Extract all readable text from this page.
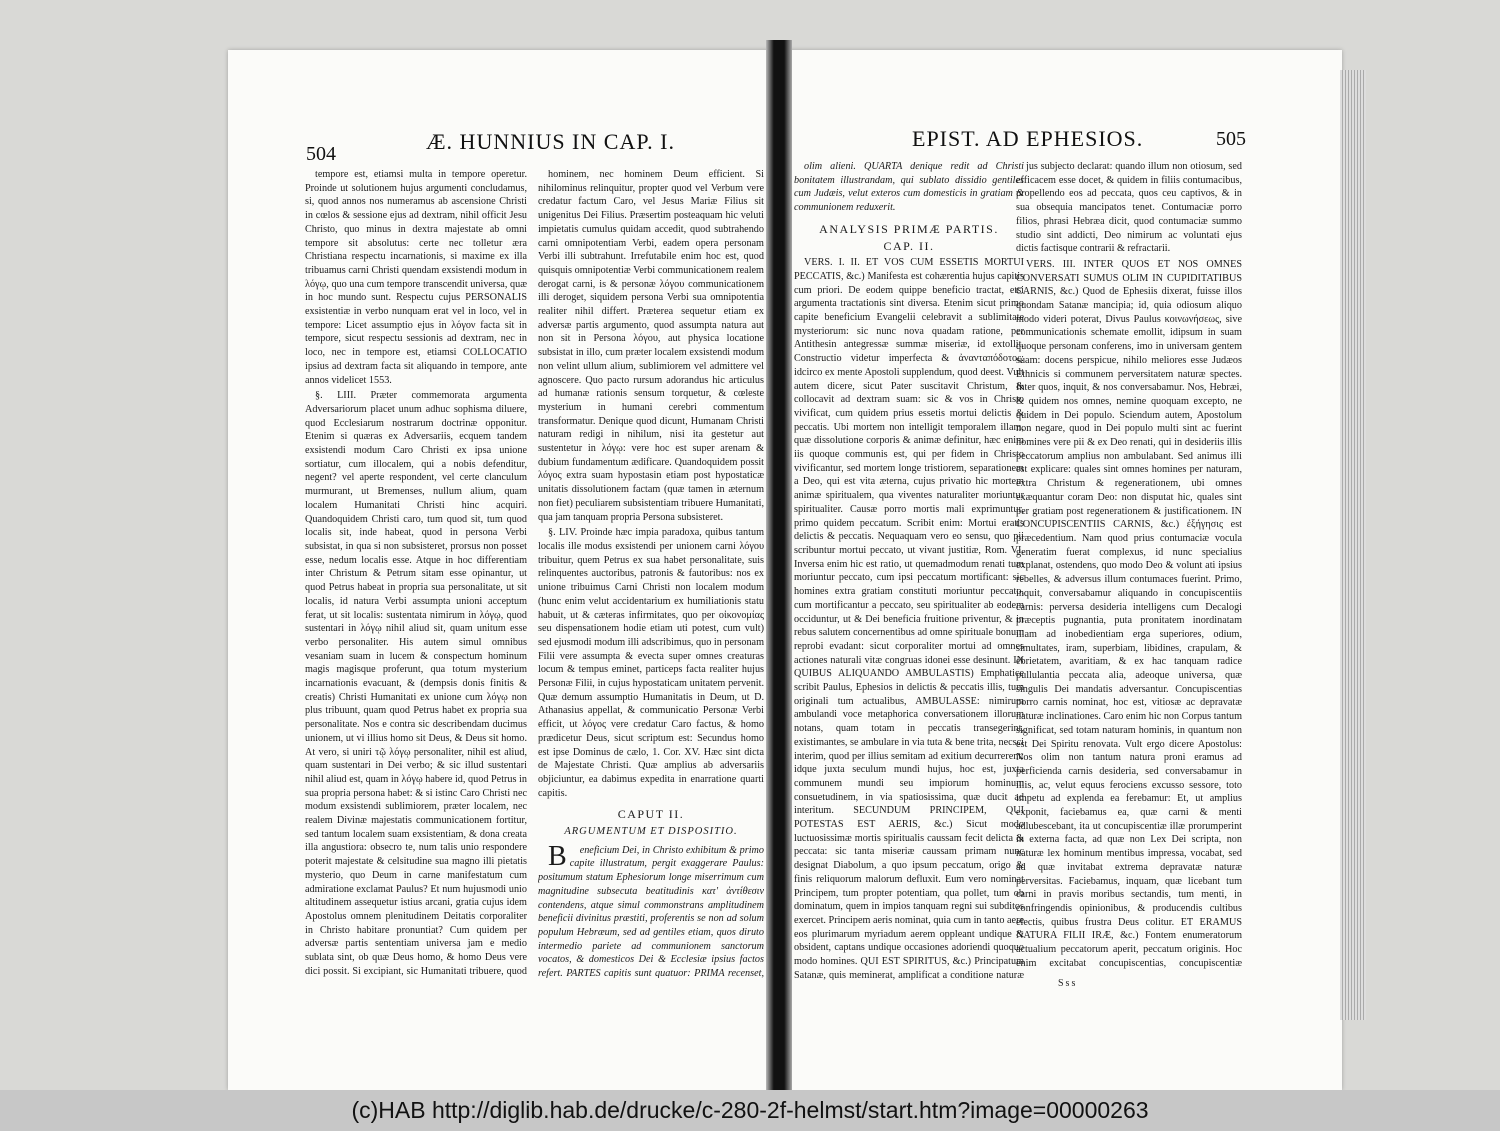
504	Æ. HUNNIUS IN CAP. I.

tempore est, etiamsi multa in tempore operetur. Proinde ut solutionem hujus argumenti concludamus, si, quod annos nos numeramus ab ascensione Christi in cœlos & sessione ejus ad dextram, nihil officit Jesu Christo, quo minus in dextra majestate ab omni tempore sit absolutus: certe nec tolletur æra Christiana respectu incarnationis, si maxime ex illa tribuamus carni Christi quendam exsistendi modum in λόγῳ, quo una cum tempore transcendit universa, quæ in hoc mundo sunt. Respectu cujus PERSONALIS exsistentiæ in verbo nunquam erat vel in loco, vel in tempore: Licet assumptio ejus in λόγον facta sit in tempore, sicut respectu sessionis ad dextram, nec in loco, nec in tempore est, etiamsi COLLOCATIO ipsius ad dextram facta sit aliquando in tempore, ante annos videlicet 1553.

§. LIII. Præter commemorata argumenta Adversariorum placet unum adhuc sophisma diluere, quod Ecclesiarum nostrarum doctrinæ opponitur. Etenim si quæras ex Adversariis, ecquem tandem exsistendi modum Caro Christi ex ipsa unione sortiatur, cum illocalem, qui a nobis defenditur, negent? vel aperte respondent, vel certe clanculum murmurant, ut Bremenses, nullum alium, quam localem Humanitati Christi hinc acquiri. Quandoquidem Christi caro, tum quod sit, tum quod localis sit, inde habeat, quod in persona Verbi subsistat, in qua si non subsisteret, prorsus non posset esse, nedum localis esse. Atque in hoc differentiam inter Christum & Petrum sitam esse opinantur, ut quod Petrus habeat in propria sua personalitate, ut sit localis, id natura Verbi assumpta unioni acceptum ferat, ut sit localis: sustentata nimirum in λόγῳ, quod sustentari in λόγῳ nihil aliud sit, quam unitum esse verbo personaliter. His autem simul omnibus vesaniam suam in lucem & conspectum hominum magis magisque proferunt, qua totum mysterium incarnationis evacuant, & (dempsis donis finitis & creatis) Christi Humanitati ex unione cum λόγῳ non plus tribuunt, quam quod Petrus habet ex propria sua personalitate. Nos e contra sic describendam ducimus unionem, ut vi illius homo sit Deus, & Deus sit homo. At vero, si uniri τῷ λόγῳ personaliter, nihil est aliud, quam sustentari in Dei verbo; & sic illud sustentari nihil aliud est, quam in λόγῳ habere id, quod Petrus in sua propria persona habet: & si istinc Caro Christi nec modum exsistendi sublimiorem, præter localem, nec realem Divinæ majestatis communicationem fortitur, sed tantum localem suam exsistentiam, & dona creata illa angustiora: obsecro te, num talis unio respondere poterit majestate & celsitudine sua magno illi pietatis mysterio, quo Deum in carne manifestatum cum admiratione exclamat Paulus? Et num hujusmodi unio altitudinem assequetur istius arcani, gratia cujus idem Apostolus omnem plenitudinem Deitatis corporaliter in Christo habitare pronuntiat? Cum quidem per adversæ partis sententiam universa jam e medio sublata sint, ob quæ Deus homo, & homo Deus vere dici possit. Si excipiant, sic Humanitati tribuere, quod

hominem, nec hominem Deum efficient. Si nihilominus relinquitur, propter quod vel Verbum vere credatur factum Caro, vel Jesus Mariæ Filius sit unigenitus Dei Filius. Præsertim posteaquam hic veluti impietatis cumulus quidam accedit, quod subtrahendo carni omnipotentiam Verbi, eadem opera personam Verbi illi subtrahunt. Irrefutabile enim hoc est, quod quisquis omnipotentiæ Verbi communicationem realem derogat carni, is & personæ λόγου communicationem illi deroget, siquidem persona Verbi sua omnipotentia realiter nihil differt. Præterea sequetur etiam ex adversæ partis argumento, quod assumpta natura aut non sit in Persona λόγου, aut physica locatione subsistat in illo, cum præter localem exsistendi modum non velint ullum alium, sublimiorem vel admittere vel agnoscere. Quo pacto rursum adorandus hic articulus ad humanæ rationis sensum torquetur, & cœleste mysterium in humani cerebri commentum transformatur. Denique quod dicunt, Humanam Christi naturam redigi in nihilum, nisi ita gestetur aut sustentetur in λόγῳ: vere hoc est super arenam & dubium fundamentum ædificare. Quandoquidem possit λόγος extra suam hypostasin etiam post hypostaticæ unitatis dissolutionem factam (quæ tamen in æternum non fiet) peculiarem subsistentiam tribuere Humanitati, qua jam tanquam propria Persona subsisteret.

§. LIV. Proinde hæc impia paradoxa, quibus tantum localis ille modus exsistendi per unionem carni λόγου tribuitur, quem Petrus ex sua habet personalitate, suis relinquentes auctoribus, patronis & fautoribus: nos ex unione tribuimus Carni Christi non localem modum (hunc enim velut accidentarium ex humiliationis statu habuit, ut & cæteras infirmitates, quo per οἰκονομίας seu dispensationem hodie etiam uti potest, cum vult) sed ejusmodi modum illi adscribimus, quo in personam Filii vere assumpta & evecta super omnes creaturas locum & tempus eminet, particeps facta realiter hujus Personæ Filii, in cujus hypostaticam unitatem pervenit. Quæ demum assumptio Humanitatis in Deum, ut D. Athanasius appellat, & communicatio Personæ Verbi efficit, ut λόγος vere credatur Caro factus, & homo prædicetur Deus, sicut scriptum est: Secundus homo est ipse Dominus de cælo, 1. Cor. XV. Hæc sint dicta de Majestate Christi. Quæ amplius ab adversariis objiciuntur, ea dabimus expedita in enarratione quarti capitis.

CAPUT II.
ARGUMENTUM ET DISPOSITIO.

Beneficium Dei, in Christo exhibitum & primo capite illustratum, pergit exaggerare Paulus: positumum statum Ephesiorum longe miserrimum cum magnitudine subsecuta beatitudinis κατ' ἀντίθεσιν contendens, atque simul commonstrans amplitudinem beneficii divinitus præstiti, proferentis se non ad solum populum Hebræum, sed ad gentiles etiam, quos diruto intermedio pariete ad communionem sanctorum vocatos, & domesticos Dei & Ecclesiæ ipsius factos refert. PARTES capitis sunt quatuor: PRIMA recenset,

EPIST. AD EPHESIOS.	505

olim alieni. QUARTA denique redit ad Christi bonitatem illustrandam, qui sublato dissidio gentiles cum Judæis, velut exteros cum domesticis in gratiam & communionem reduxerit.

ANALYSIS PRIMÆ PARTIS.
CAP. II.

VERS. I. II. ET VOS CUM ESSETIS MORTUI PECCATIS, &c.) Manifesta est cohærentia hujus capitis cum priori. De eodem quippe beneficio tractat, etsi argumenta tractationis sint diversa. Etenim sicut primo capite beneficium Evangelii celebravit a sublimitate mysteriorum: sic nunc nova quadam ratione, per Antithesin antegressæ summæ miseriæ, id extollit. Constructio videtur imperfecta & ἀνανταπόδοτος: idcirco ex mente Apostoli supplendum, quod deest. Vult autem dicere, sicut Pater suscitavit Christum, & collocavit ad dextram suam: sic & vos in Christo vivificat, cum quidem prius essetis mortui delictis & peccatis. Ubi mortem non intelligit temporalem illam, quæ dissolutione corporis & animæ definitur, hæc enim iis quoque communis est, qui per fidem in Christo vivificantur, sed mortem longe tristiorem, separationem a Deo, qui est vita æterna, cujus privatio hic mortem animæ spiritualem, qua viventes naturaliter moriuntur spiritualiter. Causæ porro mortis mali exprimuntur, primo quidem peccatum. Scribit enim: Mortui eratis delictis & peccatis. Nequaquam vero eo sensu, quo pii scribuntur mortui peccato, ut vivant justitiæ, Rom. VI. Inversa enim hic est ratio, ut quemadmodum renati tum moriuntur peccato, cum ipsi peccatum mortificant: sic homines extra gratiam constituti moriuntur peccato, cum mortificantur a peccato, seu spiritualiter ab eodem occiduntur, ut & Dei beneficia fruitione priventur, & in rebus salutem concernentibus ad omne spirituale bonum reprobi evadant: sicut corporaliter mortui ad omnes actiones naturali vitæ congruas idonei esse desinunt. IN QUIBUS ALIQUANDO AMBULASTIS) Emphatice scribit Paulus, Ephesios in delictis & peccatis illis, tum originali tum actualibus, AMBULASSE: nimirum ambulandi voce metaphorica conversationem illorum notans, quam totam in peccatis transegerint, existimantes, se ambulare in via tuta & bene trita, necsci interim, quod per illius semitam ad exitium decurrerent: idque juxta seculum mundi hujus, hoc est, juxta communem mundi seu impiorum hominum consuetudinem, in via spatiosissima, quæ ducit ad interitum. SECUNDUM PRINCIPEM, QUI POTESTAS EST AERIS, &c.) Sicut modo luctuosissimæ mortis spiritualis caussam fecit delicta & peccata: sic tanta miseriæ caussam primam nunc designat Diabolum, a quo ipsum peccatum, origo & finis reliquorum malorum defluxit. Eum vero nominat Principem, tum propter potentiam, qua pollet, tum ob dominatum, quem in impios tanquam regni sui subditos exercet. Principem aeris nominat, quia cum in tanto aere eos plurimarum myriadum aerem oppleant undique & obsident, captans undique occasiones adoriendi quoquo modo homines. QUI EST SPIRITUS, &c.) Principatum Satanæ, quis meminerat, amplificat a conditione naturæ

jus subjecto declarat: quando illum non otiosum, sed efficacem esse docet, & quidem in filiis contumacibus, propellendo eos ad peccata, quos ceu captivos, & in sua obsequia mancipatos tenet. Contumaciæ porro filios, phrasi Hebræa dicit, quod contumaciæ summo studio sint addicti, Deo nimirum ac voluntati ejus dictis factisque contrarii & refractarii.

VERS. III. INTER QUOS ET NOS OMNES CONVERSATI SUMUS OLIM IN CUPIDITATIBUS CARNIS, &c.) Quod de Ephesiis dixerat, fuisse illos quondam Satanæ mancipia; id, quia odiosum aliquo modo videri poterat, Divus Paulus κοινωνήσεως, sive communicationis schemate emollit, idipsum in suam quoque personam conferens, imo in universam gentem suam: docens perspicue, nihilo meliores esse Judæos Ethnicis si communem perversitatem naturæ spectes. Inter quos, inquit, & nos conversabamur. Nos, Hebræi, & quidem nos omnes, nemine quoquam excepto, ne quidem in Dei populo. Sciendum autem, Apostolum non negare, quod in Dei populo multi sint ac fuerint homines vere pii & ex Deo renati, qui in desideriis illis peccatorum amplius non ambulabant. Sed animus illi est explicare: quales sint omnes homines per naturam, extra Christum & regenerationem, ubi omnes exæquantur coram Deo: non disputat hic, quales sint per gratiam post regenerationem & justificationem. IN CONCUPISCENTIIS CARNIS, &c.) ἐξήγησις est præcedentium. Nam quod prius contumaciæ vocula generatim fuerat complexus, id nunc specialius explanat, ostendens, quo modo Deo & volunt ati ipsius rebelles, & adversus illum contumaces fuerint. Primo, inquit, conversabamur aliquando in concupiscentiis carnis: perversa desideria intelligens cum Decalogi præceptis pugnantia, puta pronitatem inordinatam illam ad inobedientiam erga superiores, odium, simultates, iram, superbiam, libidines, crapulam, & ebrietatem, avaritiam, & ex hac tanquam radice pullulantia peccata alia, adeoque universa, quæ singulis Dei mandatis adversantur. Concupiscentias porro carnis nominat, hoc est, vitiosæ ac depravatæ naturæ inclinationes. Caro enim hic non Corpus tantum significat, sed totam naturam hominis, in quantum non est Dei Spiritu renovata. Vult ergo dicere Apostolus: Nos olim non tantum natura proni eramus ad perficienda carnis desideria, sed conversabamur in illis, ac, velut equus ferociens excusso sessore, toto impetu ad explenda ea ferebamur: Et, ut amplius exponit, faciebamus ea, quæ carni & menti adlubescebant, ita ut concupiscentiæ illæ prorumperint in externa facta, ad quæ non Lex Dei scripta, non naturæ lex hominum mentibus impressa, vocabat, sed ad quæ invitabat extrema depravatæ naturæ perversitas. Faciebamus, inquam, quæ licebant tum carni in pravis moribus sectandis, tum menti, in confringendis opinionibus, & producendis cultibus electis, quibus frustra Deus colitur. ET ERAMUS NATURA FILII IRÆ, &c.) Fontem enumeratorum actualium peccatorum aperit, peccatum originis. Hoc enim excitabat concupiscentias, concupiscentiæ

Sss
(c)HAB http://diglib.hab.de/drucke/c-280-2f-helmst/start.htm?image=00000263
